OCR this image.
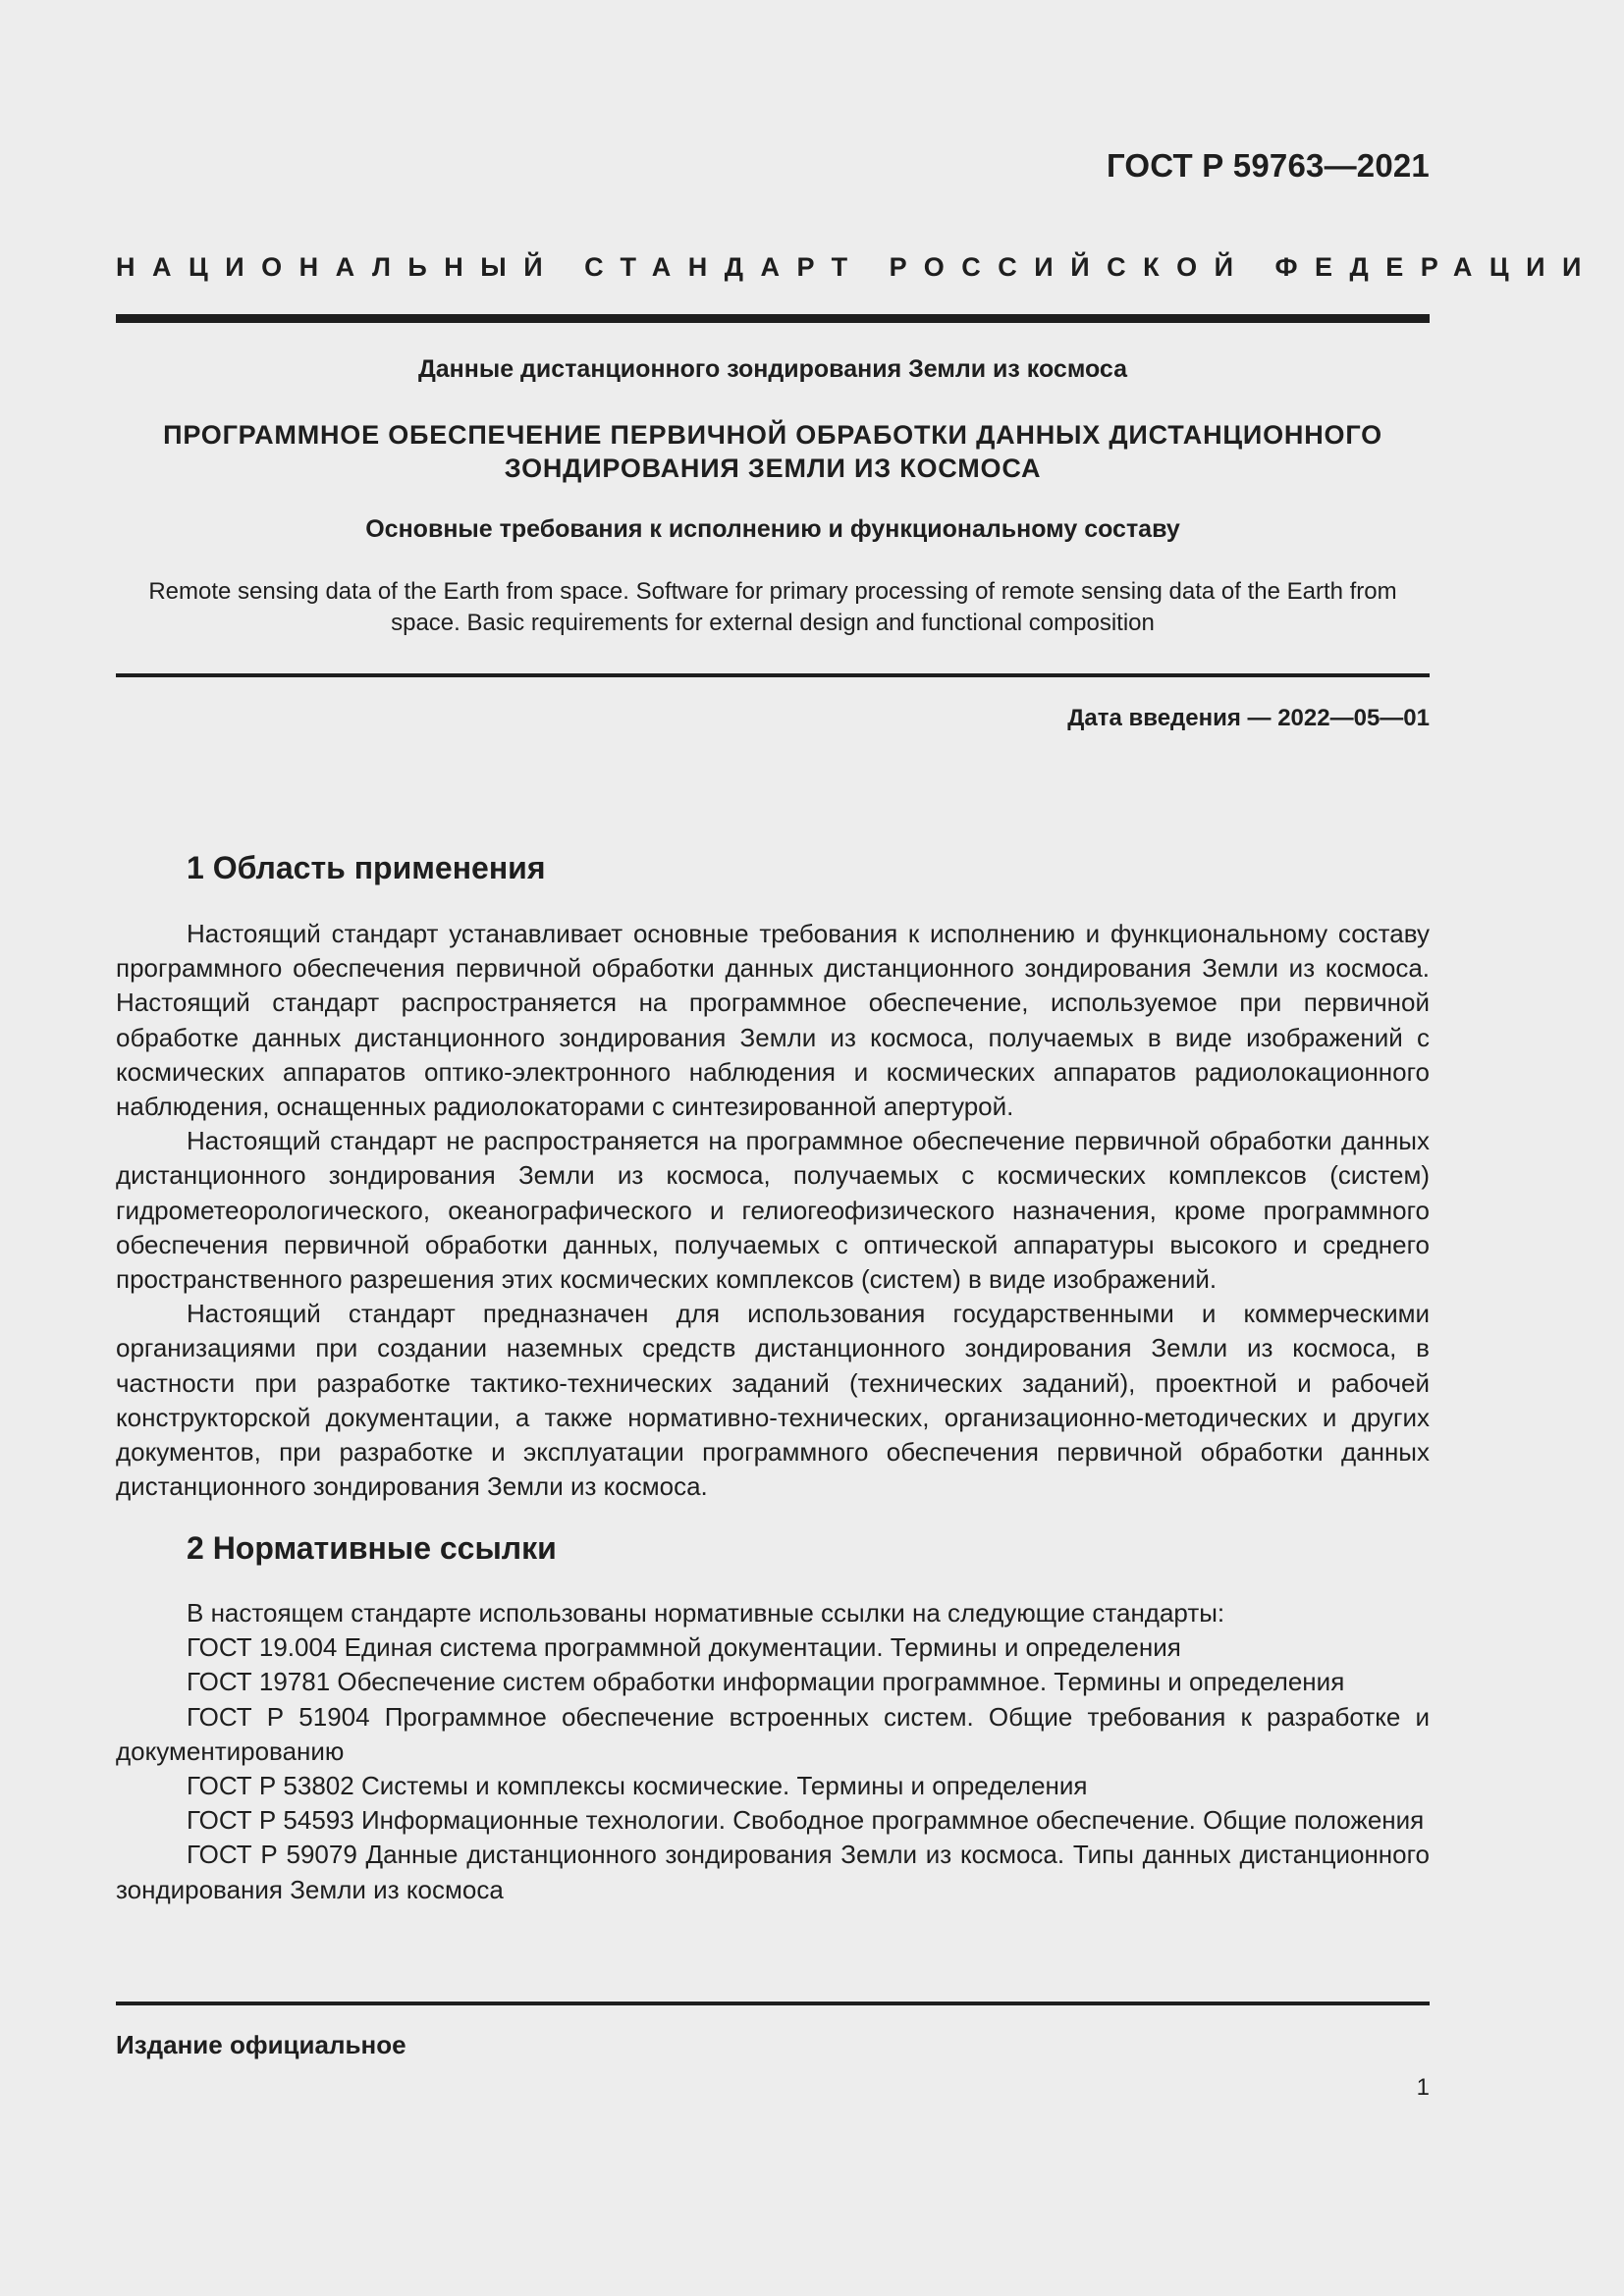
ГОСТ Р 59763—2021
НАЦИОНАЛЬНЫЙ СТАНДАРТ РОССИЙСКОЙ ФЕДЕРАЦИИ
Данные дистанционного зондирования Земли из космоса
ПРОГРАММНОЕ ОБЕСПЕЧЕНИЕ ПЕРВИЧНОЙ ОБРАБОТКИ ДАННЫХ ДИСТАНЦИОННОГО
ЗОНДИРОВАНИЯ ЗЕМЛИ ИЗ КОСМОСА
Основные требования к исполнению и функциональному составу
Remote sensing data of the Earth from space. Software for primary processing of remote sensing data of the Earth from space. Basic requirements for external design and functional composition
Дата введения — 2022—05—01
1 Область применения

Настоящий стандарт устанавливает основные требования к исполнению и функциональному составу программного обеспечения первичной обработки данных дистанционного зондирования Земли из космоса. Настоящий стандарт распространяется на программное обеспечение, используемое при первичной обработке данных дистанционного зондирования Земли из космоса, получаемых в виде изображений с космических аппаратов оптико-электронного наблюдения и космических аппаратов радиолокационного наблюдения, оснащенных радиолокаторами с синтезированной апертурой.

Настоящий стандарт не распространяется на программное обеспечение первичной обработки данных дистанционного зондирования Земли из космоса, получаемых с космических комплексов (систем) гидрометеорологического, океанографического и гелиогеофизического назначения, кроме программного обеспечения первичной обработки данных, получаемых с оптической аппаратуры высокого и среднего пространственного разрешения этих космических комплексов (систем) в виде изображений.

Настоящий стандарт предназначен для использования государственными и коммерческими организациями при создании наземных средств дистанционного зондирования Земли из космоса, в частности при разработке тактико-технических заданий (технических заданий), проектной и рабочей конструкторской документации, а также нормативно-технических, организационно-методических и других документов, при разработке и эксплуатации программного обеспечения первичной обработки данных дистанционного зондирования Земли из космоса.

2 Нормативные ссылки

В настоящем стандарте использованы нормативные ссылки на следующие стандарты:

ГОСТ 19.004 Единая система программной документации. Термины и определения

ГОСТ 19781 Обеспечение систем обработки информации программное. Термины и определения

ГОСТ Р 51904 Программное обеспечение встроенных систем. Общие требования к разработке и документированию

ГОСТ Р 53802 Системы и комплексы космические. Термины и определения

ГОСТ Р 54593 Информационные технологии. Свободное программное обеспечение. Общие положения

ГОСТ Р 59079 Данные дистанционного зондирования Земли из космоса. Типы данных дистанционного зондирования Земли из космоса

Издание официальное
1
